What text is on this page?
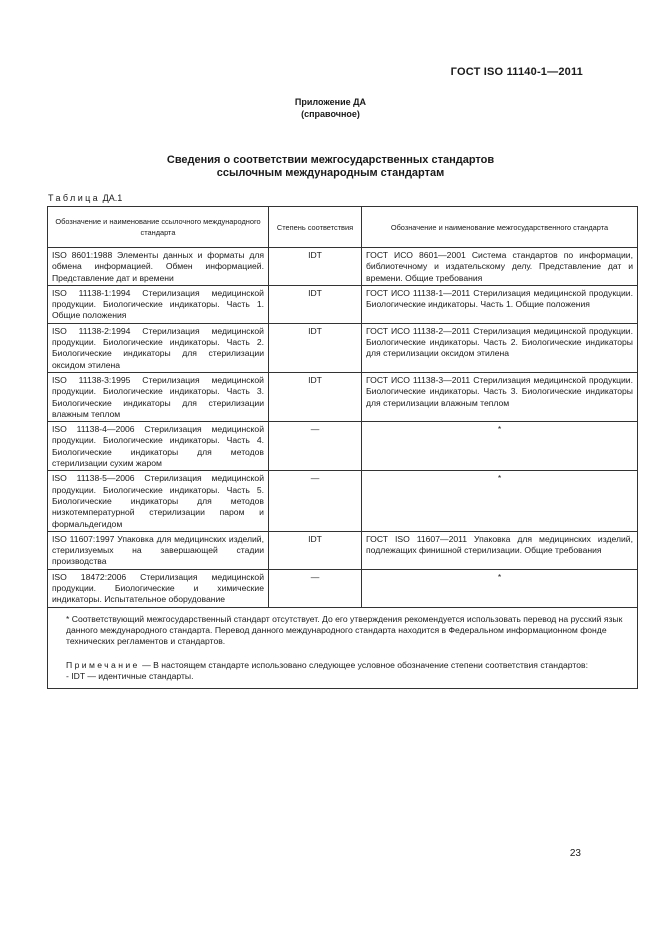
ГОСТ ISO 11140-1—2011
Приложение ДА
(справочное)
Сведения о соответствии межгосударственных стандартов
ссылочным международным стандартам
Таблица ДА.1
Обозначение и наименование ссылочного международного стандарта	Степень соответствия	Обозначение и наименование межгосударственного стандарта
ISO 8601:1988 Элементы данных и форматы для обмена информацией. Обмен информацией. Представление дат и времени	IDT	ГОСТ ИСО 8601—2001 Система стандартов по информации, библиотечному и издательскому делу. Представление дат и времени. Общие требования
ISO 11138-1:1994 Стерилизация медицинской продукции. Биологические индикаторы. Часть 1. Общие положения	IDT	ГОСТ ИСО 11138-1—2011 Стерилизация медицинской продукции. Биологические индикаторы. Часть 1. Общие положения
ISO 11138-2:1994 Стерилизация медицинской продукции. Биологические индикаторы. Часть 2. Биологические индикаторы для стерилизации оксидом этилена	IDT	ГОСТ ИСО 11138-2—2011 Стерилизация медицинской продукции. Биологические индикаторы. Часть 2. Биологические индикаторы для стерилизации оксидом этилена
ISO 11138-3:1995 Стерилизация медицинской продукции. Биологические индикаторы. Часть 3. Биологические индикаторы для стерилизации влажным теплом	IDT	ГОСТ ИСО 11138-3—2011 Стерилизация медицинской продукции. Биологические индикаторы. Часть 3. Биологические индикаторы для стерилизации влажным теплом
ISO 11138-4—2006 Стерилизация медицинской продукции. Биологические индикаторы. Часть 4. Биологические индикаторы для методов стерилизации сухим жаром	—	*
ISO 11138-5—2006 Стерилизация медицинской продукции. Биологические индикаторы. Часть 5. Биологические индикаторы для методов низкотемпературной стерилизации паром и формальдегидом	—	*
ISO 11607:1997 Упаковка для медицинских изделий, стерилизуемых на завершающей стадии производства	IDT	ГОСТ ISO 11607—2011 Упаковка для медицинских изделий, подлежащих финишной стерилизации. Общие требования
ISO 18472:2006 Стерилизация медицинской продукции. Биологические и химические индикаторы. Испытательное оборудование	—	*

* Соответствующий межгосударственный стандарт отсутствует. До его утверждения рекомендуется использовать перевод на русский язык данного международного стандарта. Перевод данного международного стандарта находится в Федеральном информационном фонде технических регламентов и стандартов.

Примечание — В настоящем стандарте использовано следующее условное обозначение степени соответствия стандартов:

- IDT — идентичные стандарты.		

23
